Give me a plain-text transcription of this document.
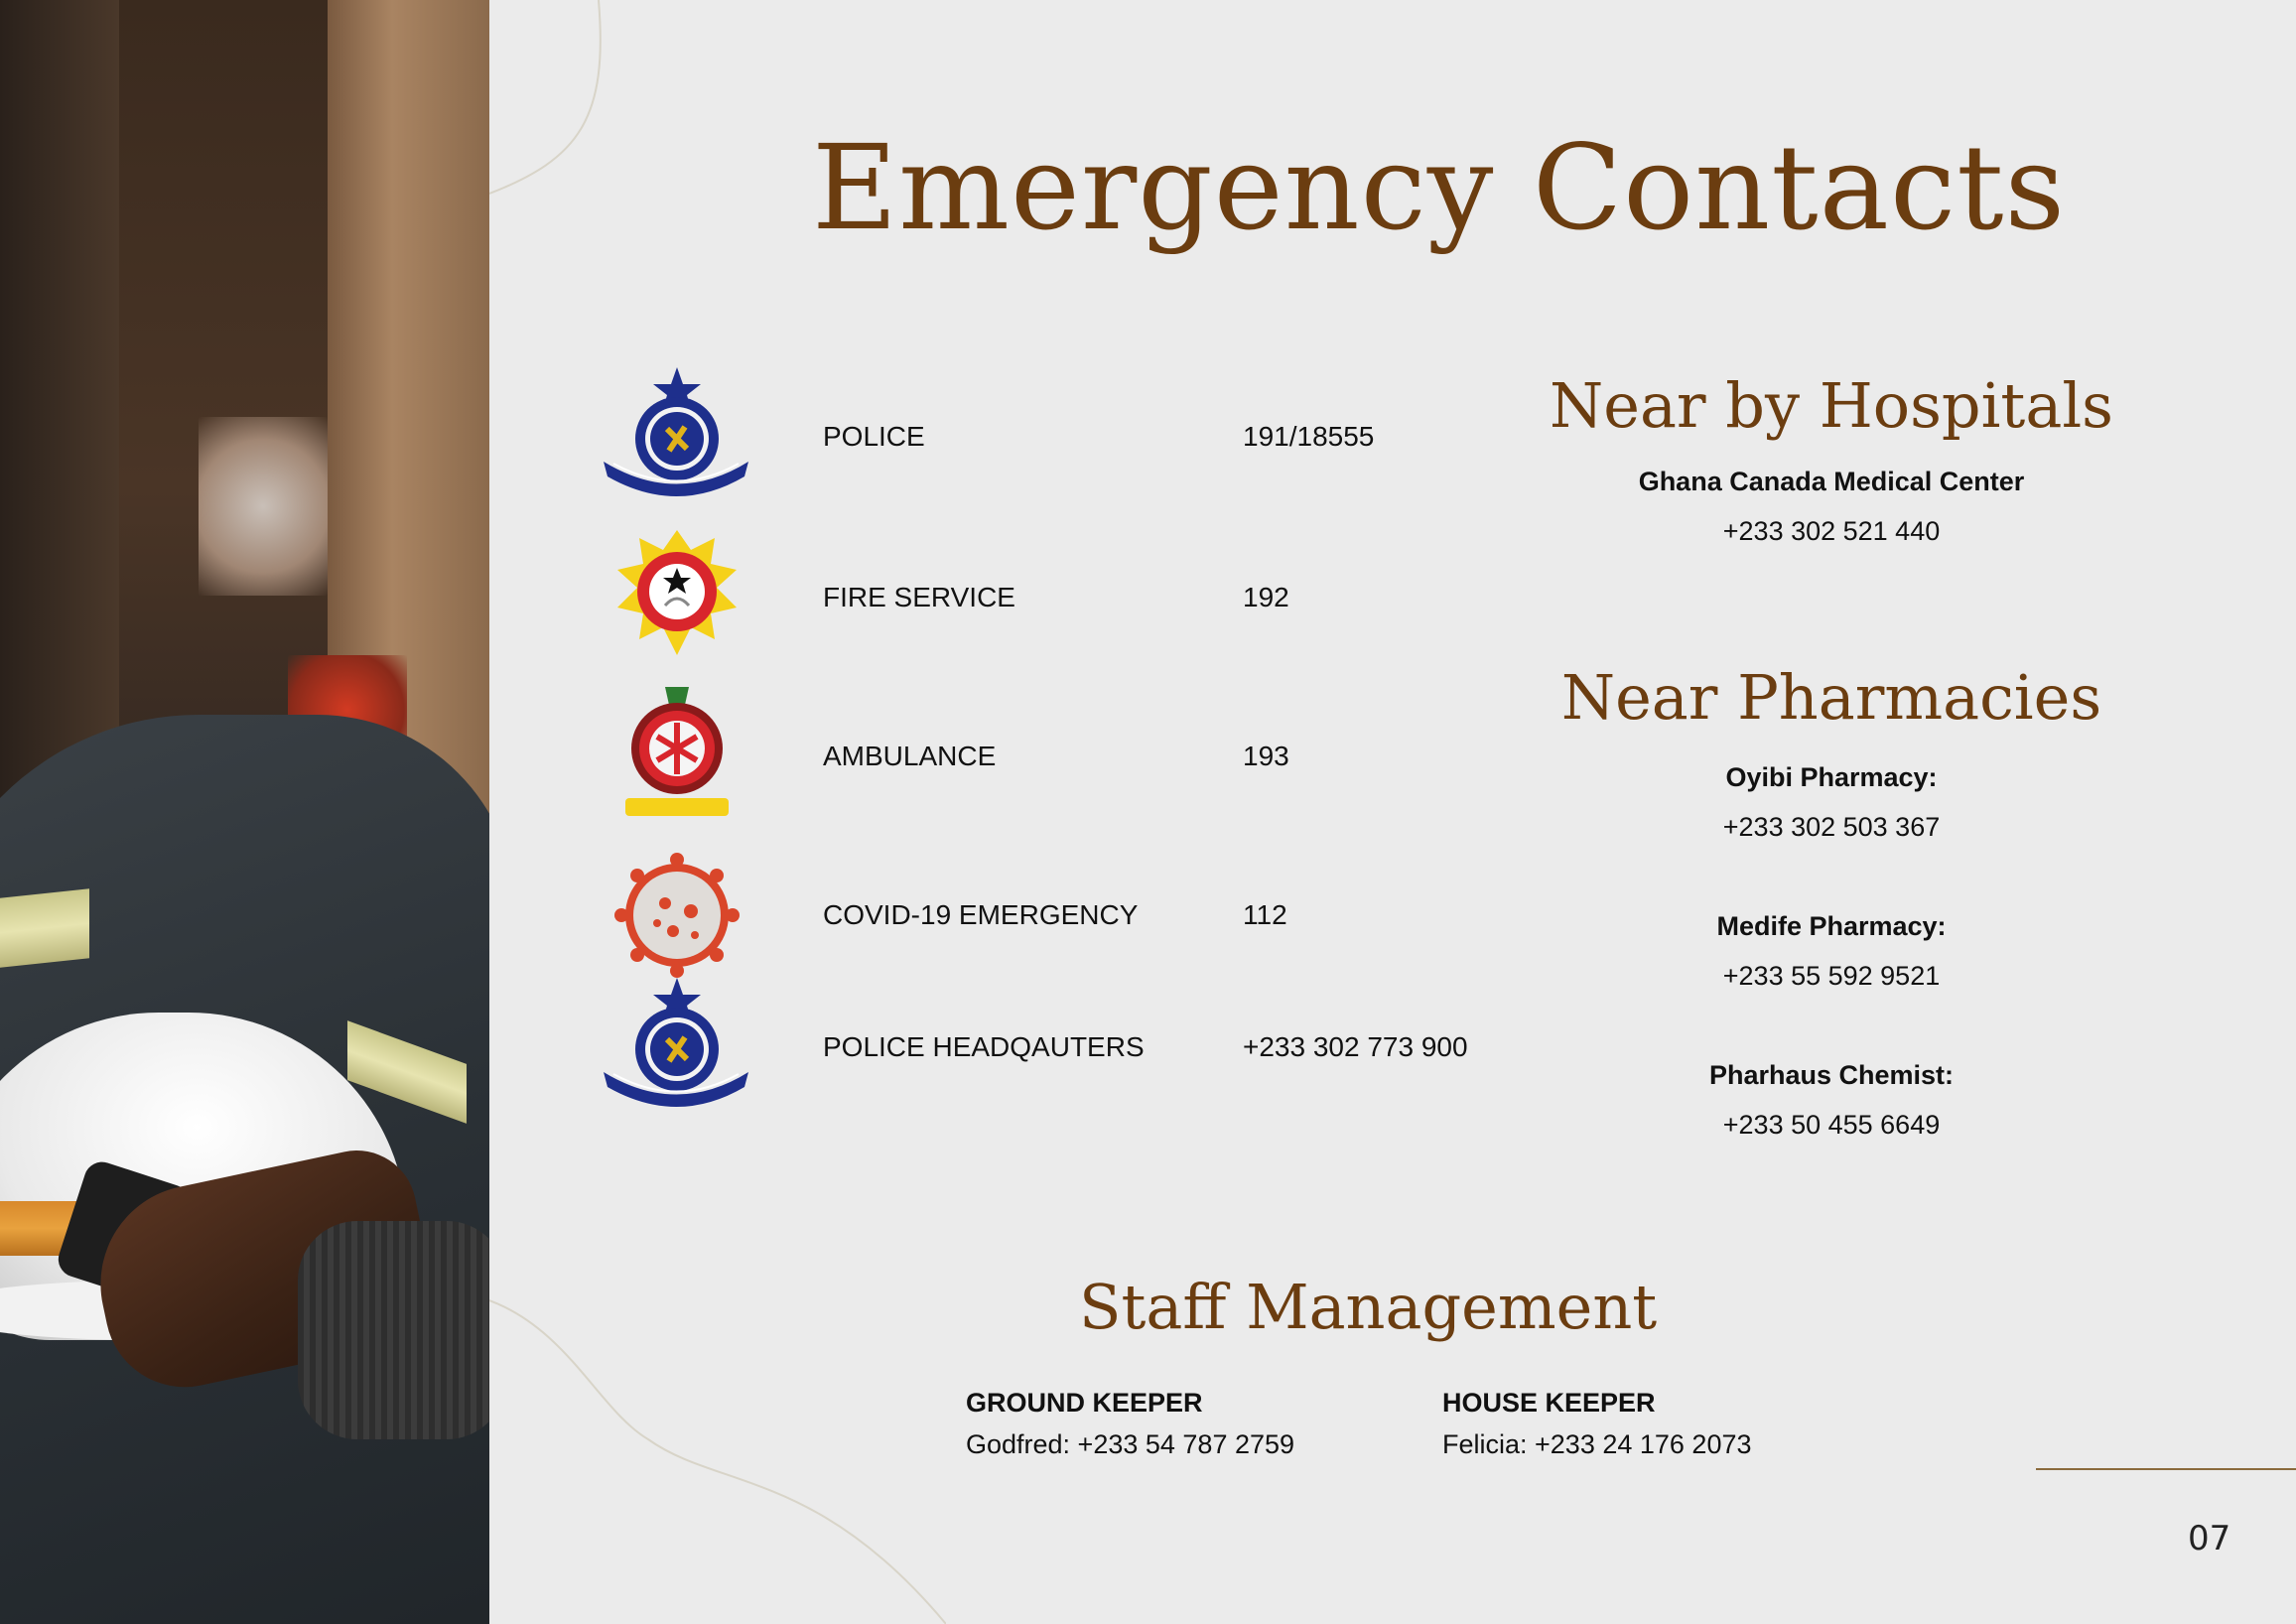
Emergency Contacts
POLICE	191/18555
FIRE SERVICE	192
AMBULANCE	193
COVID-19 EMERGENCY	112
POLICE HEADQAUTERS	+233 302 773 900
Near by Hospitals
Ghana Canada Medical Center
+233 302 521 440
Near Pharmacies
Oyibi Pharmacy:
+233 302 503 367
Medife Pharmacy:
+233 55 592 9521
Pharhaus Chemist:
+233 50 455 6649
Staff Management
GROUND KEEPER
Godfred: +233 54 787 2759
HOUSE KEEPER
Felicia: +233 24 176 2073
07
